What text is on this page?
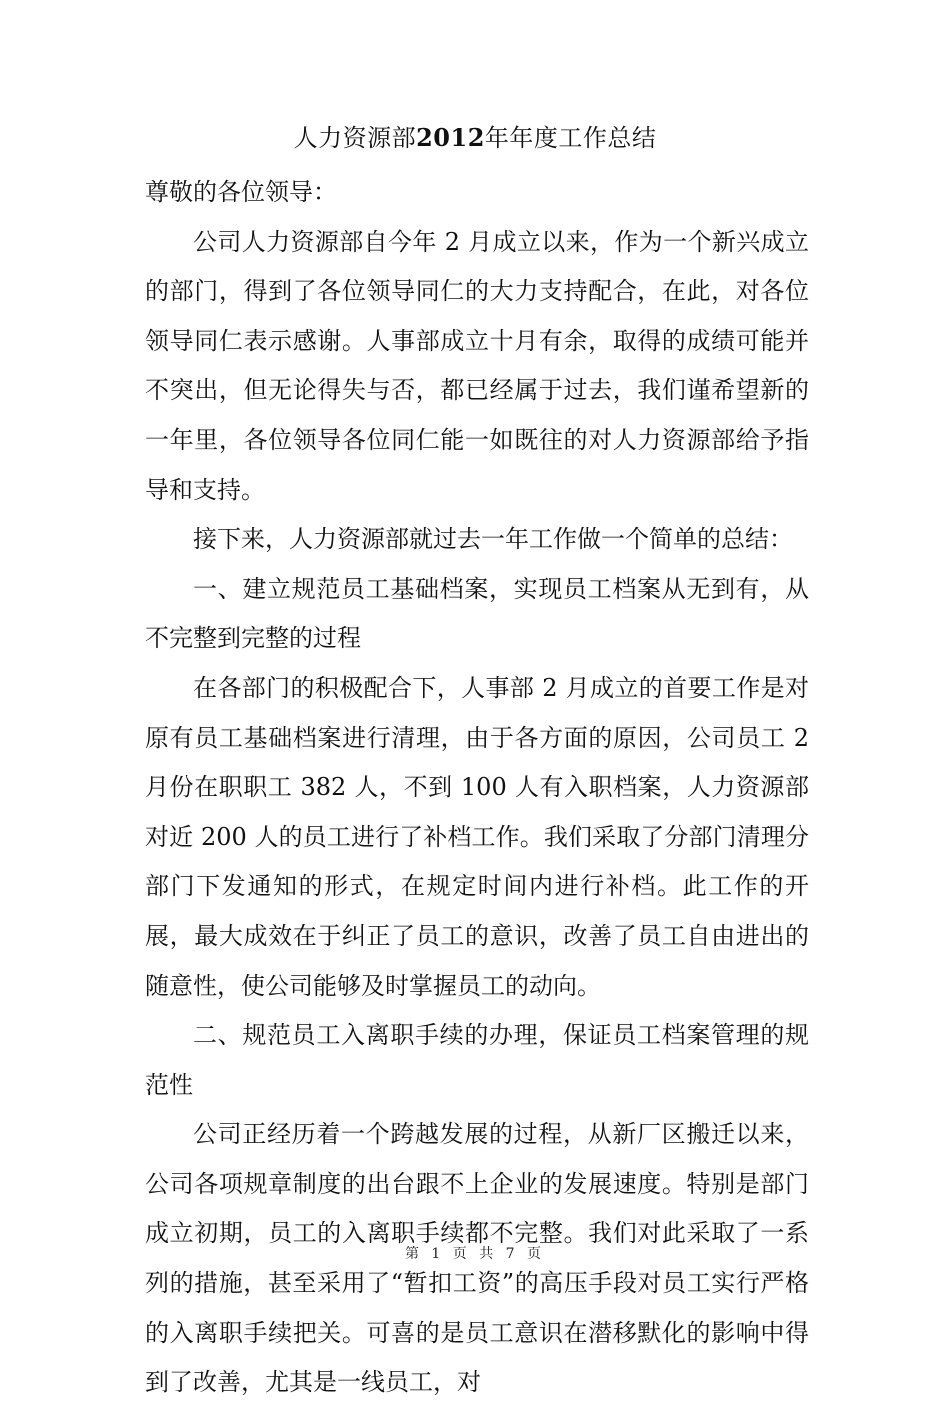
人力资源部2012年年度工作总结

尊敬的各位领导：

公司人力资源部自今年 2 月成立以来，作为一个新兴成立的部门，得到了各位领导同仁的大力支持配合，在此，对各位领导同仁表示感谢。人事部成立十月有余，取得的成绩可能并不突出，但无论得失与否，都已经属于过去，我们谨希望新的一年里，各位领导各位同仁能一如既往的对人力资源部给予指导和支持。

接下来，人力资源部就过去一年工作做一个简单的总结：

一、建立规范员工基础档案，实现员工档案从无到有，从不完整到完整的过程

在各部门的积极配合下，人事部 2 月成立的首要工作是对原有员工基础档案进行清理，由于各方面的原因，公司员工 2 月份在职职工 382 人，不到 100 人有入职档案，人力资源部对近 200 人的员工进行了补档工作。我们采取了分部门清理分部门下发通知的形式，在规定时间内进行补档。此工作的开展，最大成效在于纠正了员工的意识，改善了员工自由进出的随意性，使公司能够及时掌握员工的动向。

二、规范员工入离职手续的办理，保证员工档案管理的规范性

公司正经历着一个跨越发展的过程，从新厂区搬迁以来，公司各项规章制度的出台跟不上企业的发展速度。特别是部门成立初期，员工的入离职手续都不完整。我们对此采取了一系列的措施，甚至采用了“暂扣工资”的高压手段对员工实行严格的入离职手续把关。可喜的是员工意识在潜移默化的影响中得到了改善，尤其是一线员工，对

第 1 页 共 7 页
